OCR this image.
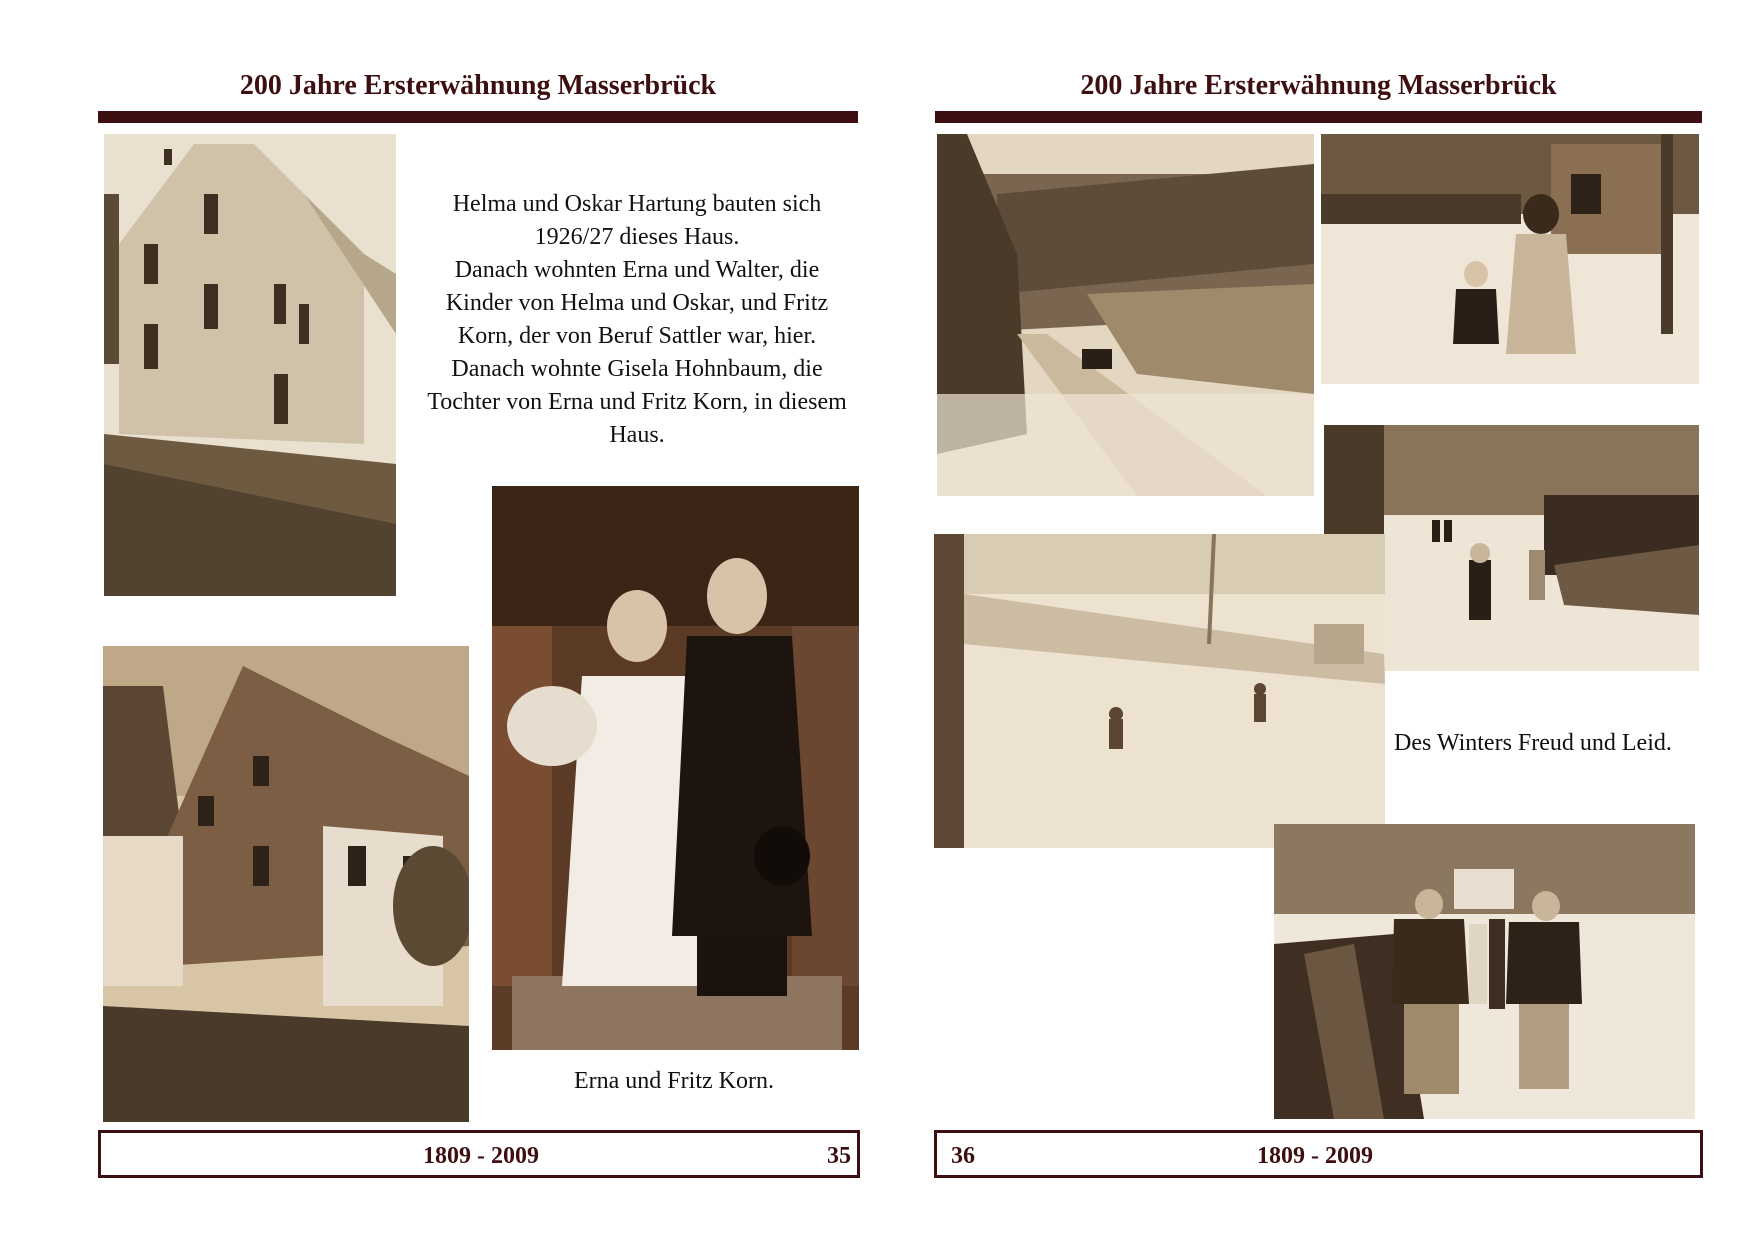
200 Jahre Ersterwähnung Masserbrück
Helma und Oskar Hartung bauten sich
1926/27 dieses Haus.
Danach wohnten Erna und Walter, die
Kinder von Helma und Oskar, und Fritz
Korn, der von Beruf Sattler war, hier.
Danach wohnte Gisela Hohnbaum, die
Tochter von Erna und Fritz Korn, in diesem
Haus.
Erna und Fritz Korn.
1809 - 2009	35
200 Jahre Ersterwähnung Masserbrück
Des Winters Freud und Leid.
36	1809 - 2009
